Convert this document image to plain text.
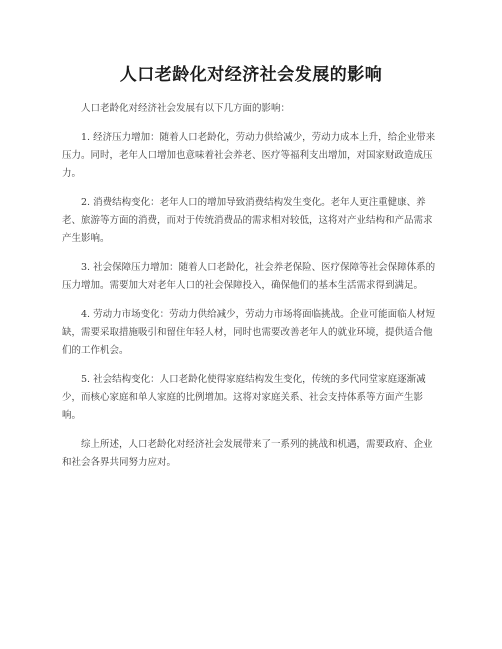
人口老龄化对经济社会发展的影响

人口老龄化对经济社会发展有以下几方面的影响：

1. 经济压力增加：随着人口老龄化，劳动力供给减少，劳动力成本上升，给企业带来压力。同时，老年人口增加也意味着社会养老、医疗等福利支出增加，对国家财政造成压力。

2. 消费结构变化：老年人口的增加导致消费结构发生变化。老年人更注重健康、养老、旅游等方面的消费，而对于传统消费品的需求相对较低，这将对产业结构和产品需求产生影响。

3. 社会保障压力增加：随着人口老龄化，社会养老保险、医疗保障等社会保障体系的压力增加。需要加大对老年人口的社会保障投入，确保他们的基本生活需求得到满足。

4. 劳动力市场变化：劳动力供给减少，劳动力市场将面临挑战。企业可能面临人材短缺，需要采取措施吸引和留住年轻人材，同时也需要改善老年人的就业环境，提供适合他们的工作机会。

5. 社会结构变化：人口老龄化使得家庭结构发生变化，传统的多代同堂家庭逐渐减少，而核心家庭和单人家庭的比例增加。这将对家庭关系、社会支持体系等方面产生影响。

综上所述，人口老龄化对经济社会发展带来了一系列的挑战和机遇，需要政府、企业和社会各界共同努力应对。
